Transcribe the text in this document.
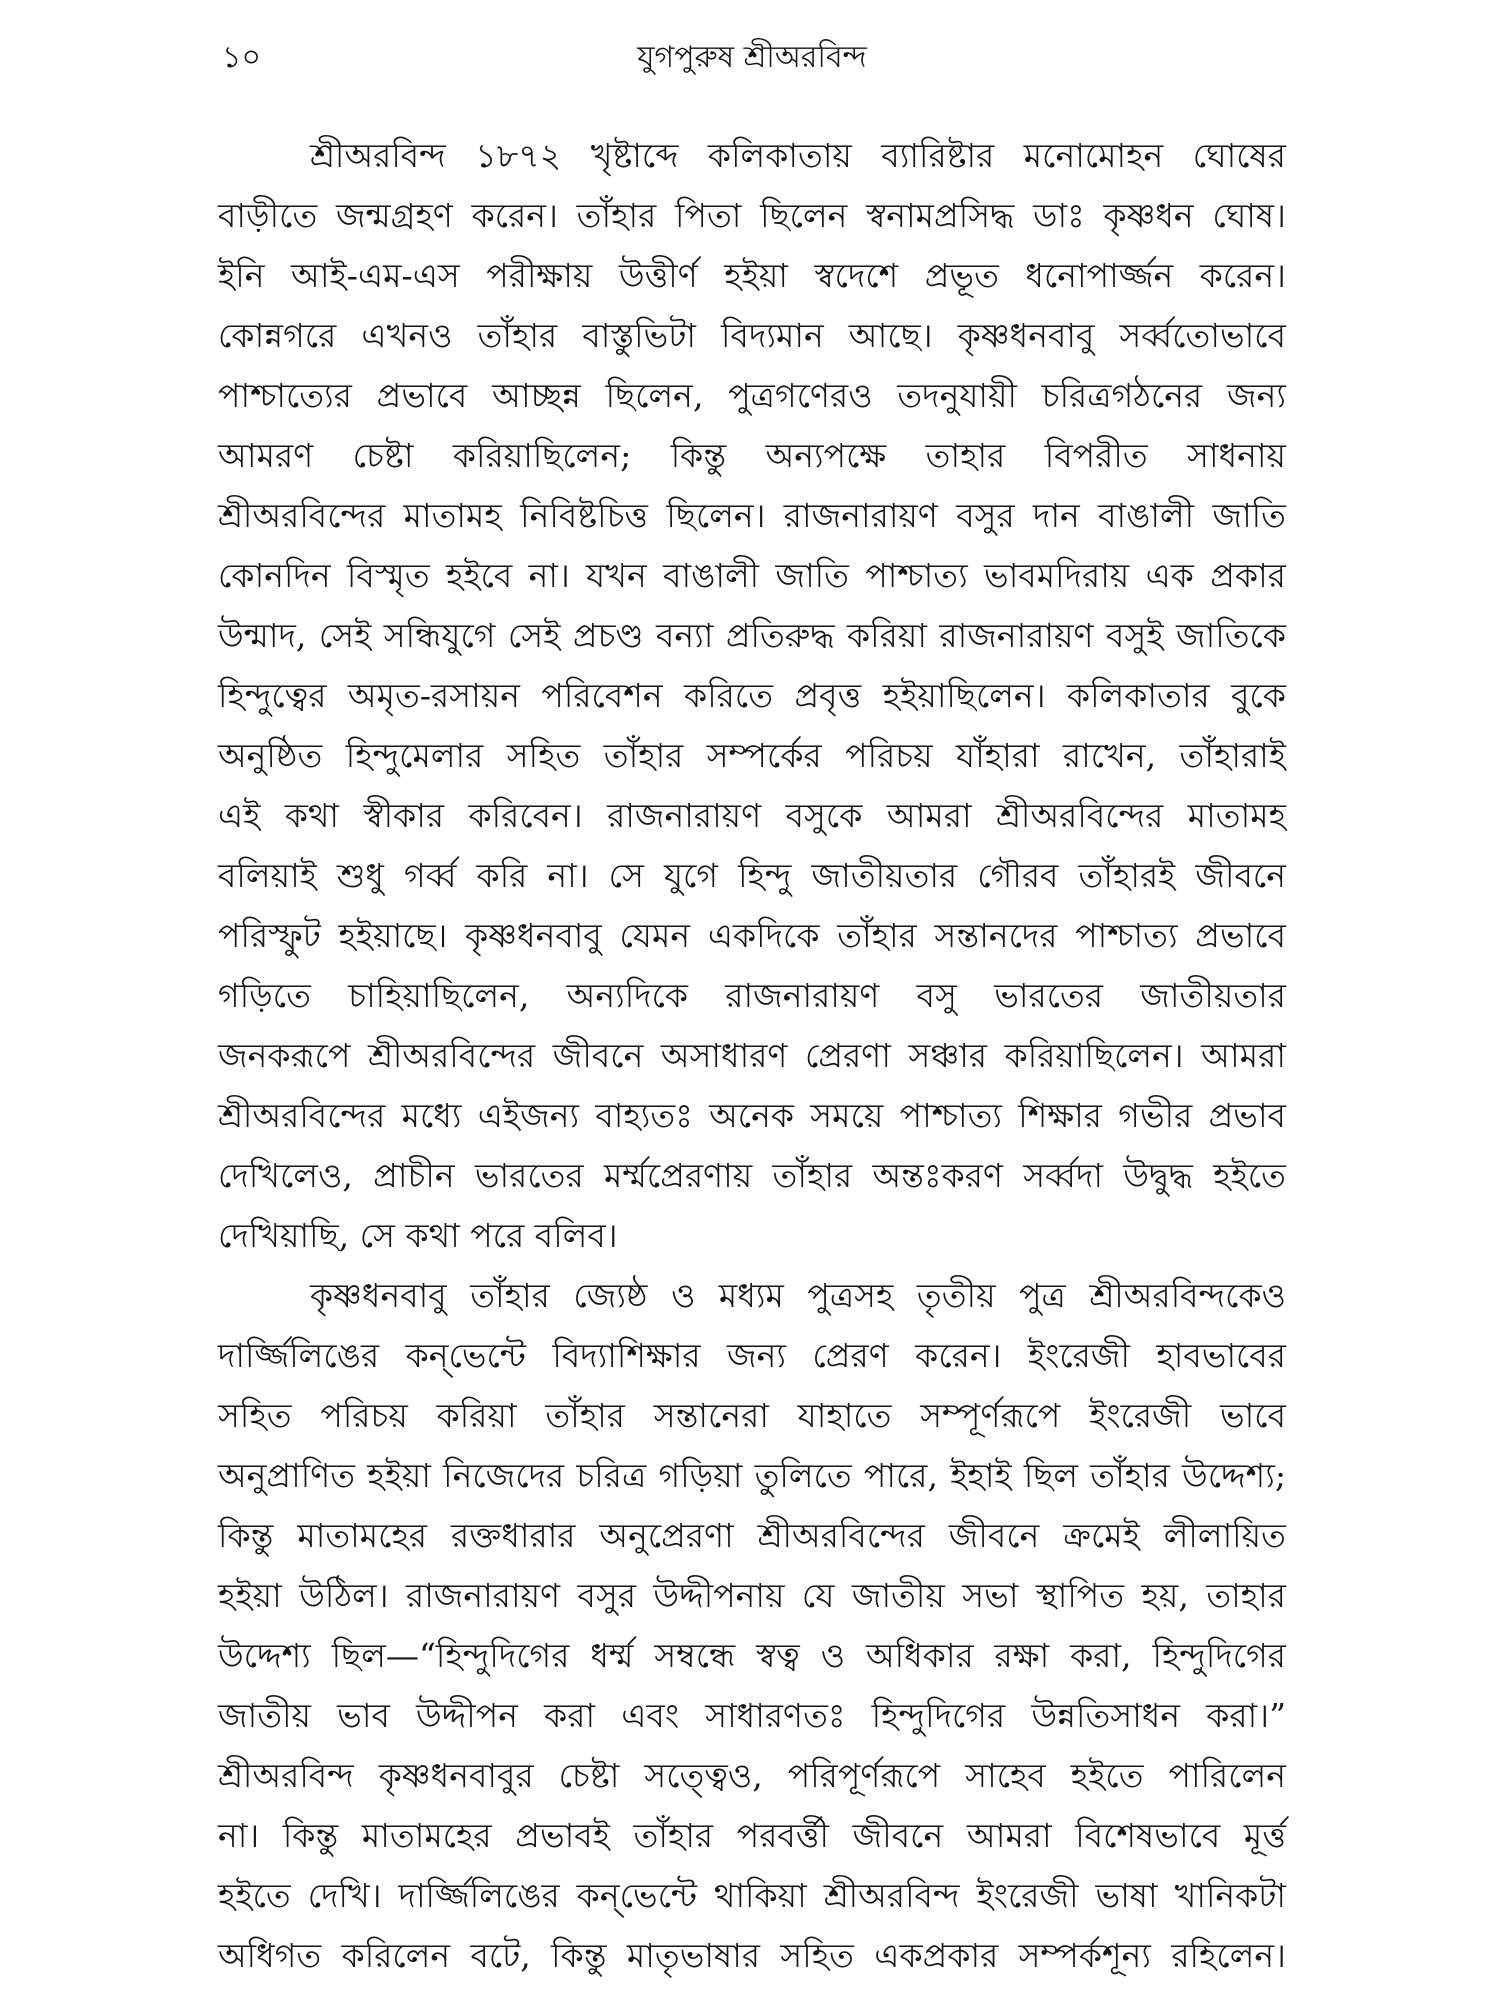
১০	যুগপুরুষ শ্রীঅরবিন্দ
শ্রীঅরবিন্দ ১৮৭২ খৃষ্টাব্দে কলিকাতায় ব্যারিষ্টার মনোমোহন ঘোষের
বাড়ীতে জন্মগ্রহণ করেন। তাঁহার পিতা ছিলেন স্বনামপ্রসিদ্ধ ডাঃ কৃষ্ণধন ঘোষ।
ইনি আই-এম-এস পরীক্ষায় উত্তীর্ণ হইয়া স্বদেশে প্রভূত ধনোপার্জ্জন করেন।
কোন্নগরে এখনও তাঁহার বাস্তুভিটা বিদ্যমান আছে। কৃষ্ণধনবাবু সর্ব্বতোভাবে
পাশ্চাত্যের প্রভাবে আচ্ছন্ন ছিলেন, পুত্রগণেরও তদনুযায়ী চরিত্রগঠনের জন্য
আমরণ চেষ্টা করিয়াছিলেন; কিন্তু অন্যপক্ষে তাহার বিপরীত সাধনায়
শ্রীঅরবিন্দের মাতামহ নিবিষ্টচিত্ত ছিলেন। রাজনারায়ণ বসুর দান বাঙালী জাতি
কোনদিন বিস্মৃত হইবে না। যখন বাঙালী জাতি পাশ্চাত্য ভাবমদিরায় এক প্রকার
উন্মাদ, সেই সন্ধিযুগে সেই প্রচণ্ড বন্যা প্রতিরুদ্ধ করিয়া রাজনারায়ণ বসুই জাতিকে
হিন্দুত্বের অমৃত-রসায়ন পরিবেশন করিতে প্রবৃত্ত হইয়াছিলেন। কলিকাতার বুকে
অনুষ্ঠিত হিন্দুমেলার সহিত তাঁহার সম্পর্কের পরিচয় যাঁহারা রাখেন, তাঁহারাই
এই কথা স্বীকার করিবেন। রাজনারায়ণ বসুকে আমরা শ্রীঅরবিন্দের মাতামহ
বলিয়াই শুধু গর্ব্ব করি না। সে যুগে হিন্দু জাতীয়তার গৌরব তাঁহারই জীবনে
পরিস্ফুট হইয়াছে। কৃষ্ণধনবাবু যেমন একদিকে তাঁহার সন্তানদের পাশ্চাত্য প্রভাবে
গড়িতে চাহিয়াছিলেন, অন্যদিকে রাজনারায়ণ বসু ভারতের জাতীয়তার
জনকরূপে শ্রীঅরবিন্দের জীবনে অসাধারণ প্রেরণা সঞ্চার করিয়াছিলেন। আমরা
শ্রীঅরবিন্দের মধ্যে এইজন্য বাহ্যতঃ অনেক সময়ে পাশ্চাত্য শিক্ষার গভীর প্রভাব
দেখিলেও, প্রাচীন ভারতের মর্ম্মপ্রেরণায় তাঁহার অন্তঃকরণ সর্ব্বদা উদ্বুদ্ধ হইতে
দেখিয়াছি, সে কথা পরে বলিব।
কৃষ্ণধনবাবু তাঁহার জ্যেষ্ঠ ও মধ্যম পুত্রসহ তৃতীয় পুত্র শ্রীঅরবিন্দকেও
দার্জ্জিলিঙের কন্‌ভেন্টে বিদ্যাশিক্ষার জন্য প্রেরণ করেন। ইংরেজী হাবভাবের
সহিত পরিচয় করিয়া তাঁহার সন্তানেরা যাহাতে সম্পূর্ণরূপে ইংরেজী ভাবে
অনুপ্রাণিত হইয়া নিজেদের চরিত্র গড়িয়া তুলিতে পারে, ইহাই ছিল তাঁহার উদ্দেশ্য;
কিন্তু মাতামহের রক্তধারার অনুপ্রেরণা শ্রীঅরবিন্দের জীবনে ক্রমেই লীলায়িত
হইয়া উঠিল। রাজনারায়ণ বসুর উদ্দীপনায় যে জাতীয় সভা স্থাপিত হয়, তাহার
উদ্দেশ্য ছিল—“হিন্দুদিগের ধর্ম্ম সম্বন্ধে স্বত্ব ও অধিকার রক্ষা করা, হিন্দুদিগের
জাতীয় ভাব উদ্দীপন করা এবং সাধারণতঃ হিন্দুদিগের উন্নতিসাধন করা।”
শ্রীঅরবিন্দ কৃষ্ণধনবাবুর চেষ্টা সত্ত্বেও, পরিপূর্ণরূপে সাহেব হইতে পারিলেন
না। কিন্তু মাতামহের প্রভাবই তাঁহার পরবর্ত্তী জীবনে আমরা বিশেষভাবে মূর্ত্ত
হইতে দেখি। দার্জ্জিলিঙের কন্‌ভেন্টে থাকিয়া শ্রীঅরবিন্দ ইংরেজী ভাষা খানিকটা
অধিগত করিলেন বটে, কিন্তু মাতৃভাষার সহিত একপ্রকার সম্পর্কশূন্য রহিলেন।
